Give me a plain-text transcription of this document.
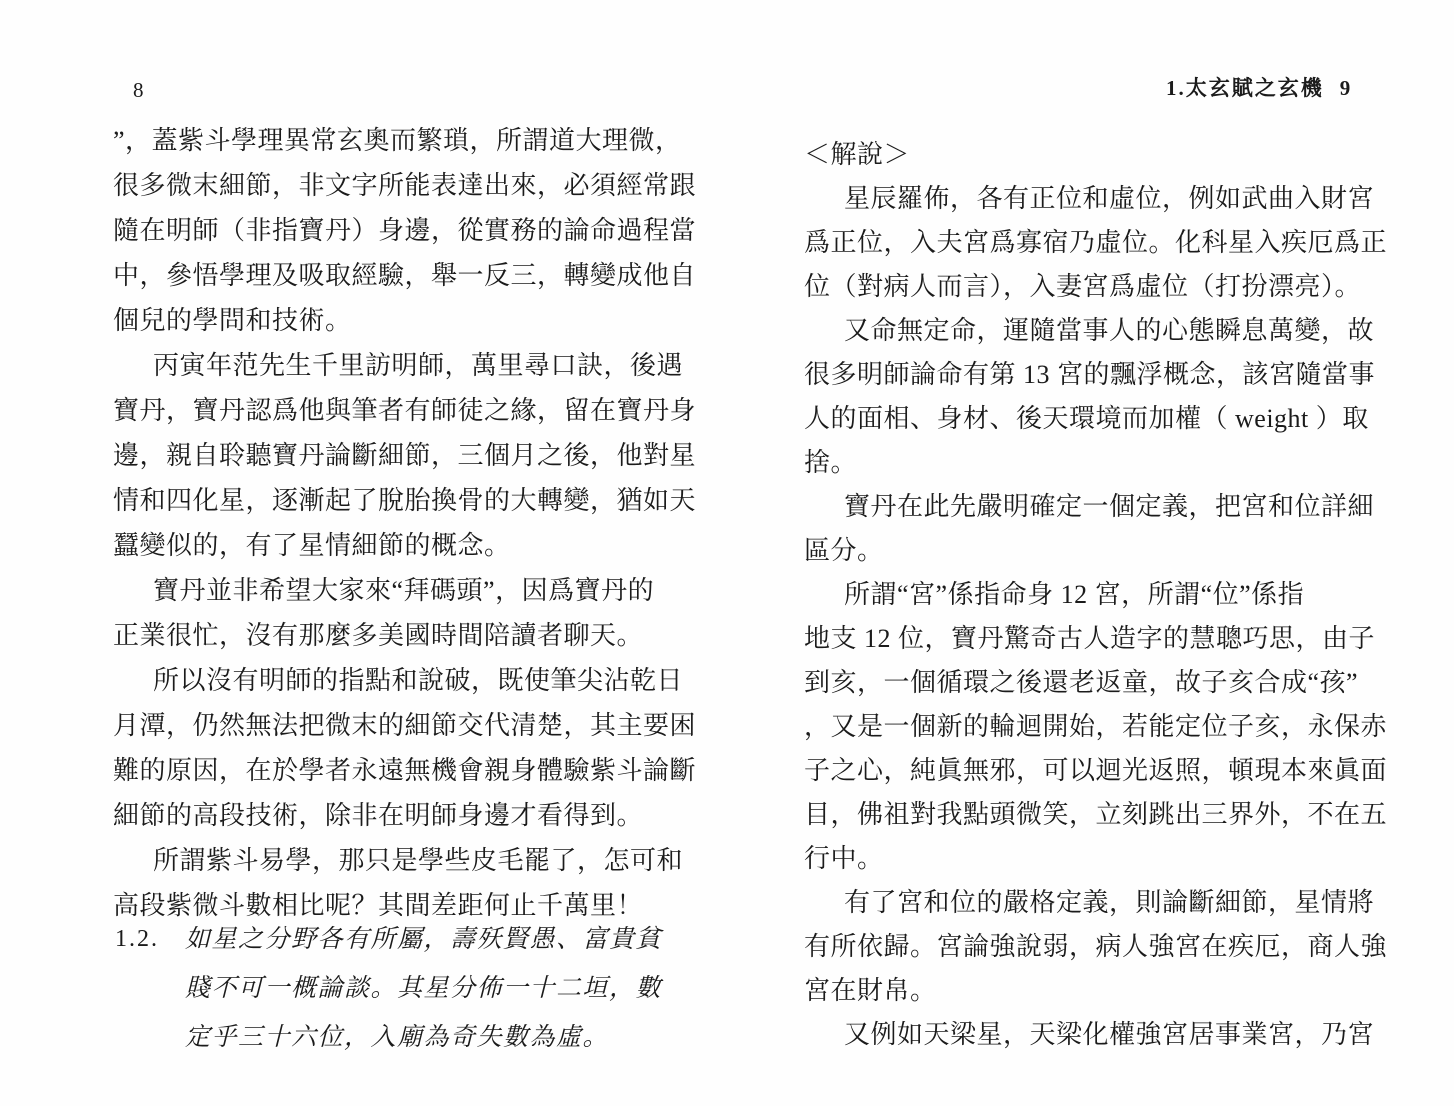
8
”，蓋紫斗學理異常玄奧而繁瑣，所謂道大理微，
很多微末細節，非文字所能表達出來，必須經常跟
隨在明師（非指寶丹）身邊，從實務的論命過程當
中，參悟學理及吸取經驗，舉一反三，轉變成他自
個兒的學問和技術。
丙寅年范先生千里訪明師，萬里尋口訣，後遇
寶丹，寶丹認爲他與筆者有師徒之緣，留在寶丹身
邊，親自聆聽寶丹論斷細節，三個月之後，他對星
情和四化星，逐漸起了脫胎換骨的大轉變，猶如天
蠶變似的，有了星情細節的概念。
寶丹並非希望大家來“拜碼頭”，因爲寶丹的
正業很忙，沒有那麼多美國時間陪讀者聊天。
所以沒有明師的指點和說破，既使筆尖沾乾日
月潭，仍然無法把微末的細節交代清楚，其主要困
難的原因，在於學者永遠無機會親身體驗紫斗論斷
細節的高段技術，除非在明師身邊才看得到。
所謂紫斗易學，那只是學些皮毛罷了，怎可和
高段紫微斗數相比呢？其間差距何止千萬里！
1.2. 如星之分野各有所屬，壽殀賢愚、富貴貧
賤不可一概論談。其星分佈一十二垣，數
定乎三十六位，入廟為奇失數為虛。
1.太玄賦之玄機 9
＜解說＞
星辰羅佈，各有正位和虛位，例如武曲入財宮
爲正位，入夫宮爲寡宿乃虛位。化科星入疾厄爲正
位（對病人而言），入妻宮爲虛位（打扮漂亮）。
又命無定命，運隨當事人的心態瞬息萬變，故
很多明師論命有第 13 宮的飄浮概念，該宮隨當事
人的面相、身材、後天環境而加權（ weight ）取
捨。
寶丹在此先嚴明確定一個定義，把宮和位詳細
區分。
所謂“宮”係指命身 12 宮，所謂“位”係指
地支 12 位，寶丹驚奇古人造字的慧聰巧思，由子
到亥，一個循環之後還老返童，故子亥合成“孩”
，又是一個新的輪迴開始，若能定位子亥，永保赤
子之心，純眞無邪，可以迴光返照，頓現本來眞面
目，佛祖對我點頭微笑，立刻跳出三界外，不在五
行中。
有了宮和位的嚴格定義，則論斷細節，星情將
有所依歸。宮論強說弱，病人強宮在疾厄，商人強
宮在財帛。
又例如天梁星，天梁化權強宮居事業宮，乃宮
